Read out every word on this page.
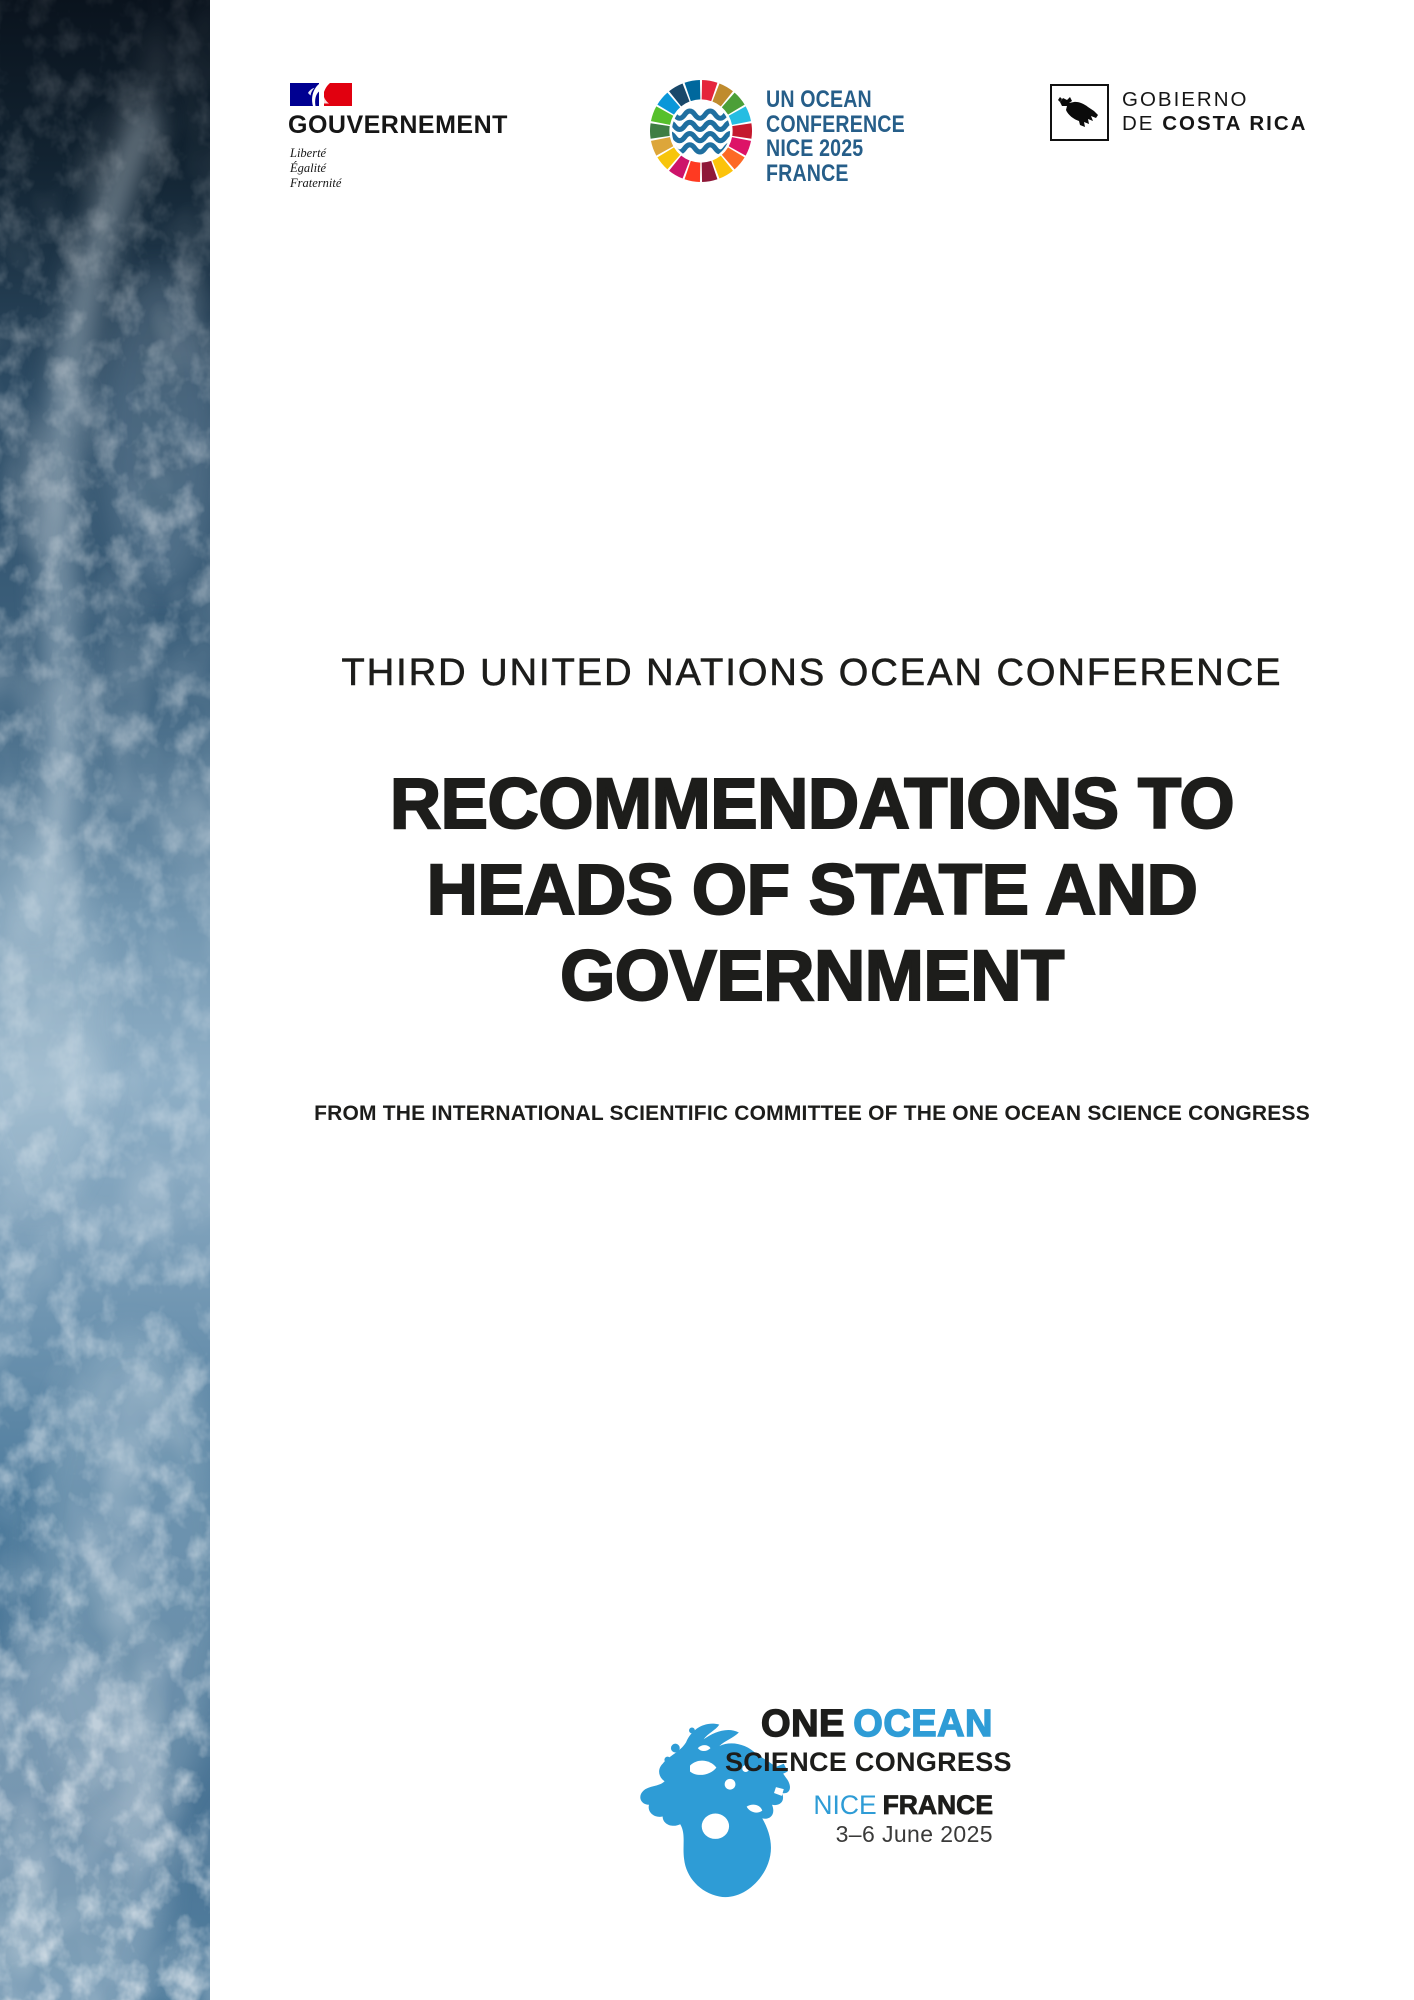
GOUVERNEMENT
Liberté
Égalité
Fraternité
UN OCEAN
CONFERENCE
NICE 2025
FRANCE
GOBIERNO
DE COSTA RICA
THIRD UNITED NATIONS OCEAN CONFERENCE
RECOMMENDATIONS TO
HEADS OF STATE AND
GOVERNMENT
FROM THE INTERNATIONAL SCIENTIFIC COMMITTEE OF THE ONE OCEAN SCIENCE CONGRESS
ONE OCEAN
SCIENCE CONGRESS
NICE FRANCE
3–6 June 2025
